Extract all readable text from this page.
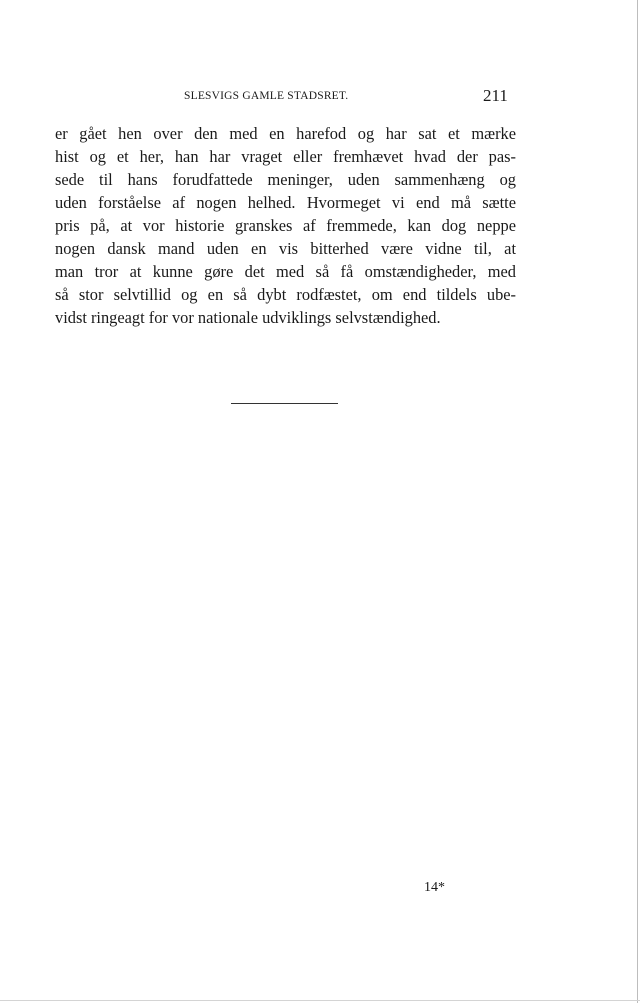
SLESVIGS GAMLE STADSRET.	211
er gået hen over den med en harefod og har sat et mærke
hist og et her, han har vraget eller fremhævet hvad der pas-
sede til hans forudfattede meninger, uden sammenhæng og
uden forståelse af nogen helhed. Hvormeget vi end må sætte
pris på, at vor historie granskes af fremmede, kan dog neppe
nogen dansk mand uden en vis bitterhed være vidne til, at
man tror at kunne gøre det med så få omstændigheder, med
så stor selvtillid og en så dybt rodfæstet, om end tildels ube-
vidst ringeagt for vor nationale udviklings selvstændighed.
14*
